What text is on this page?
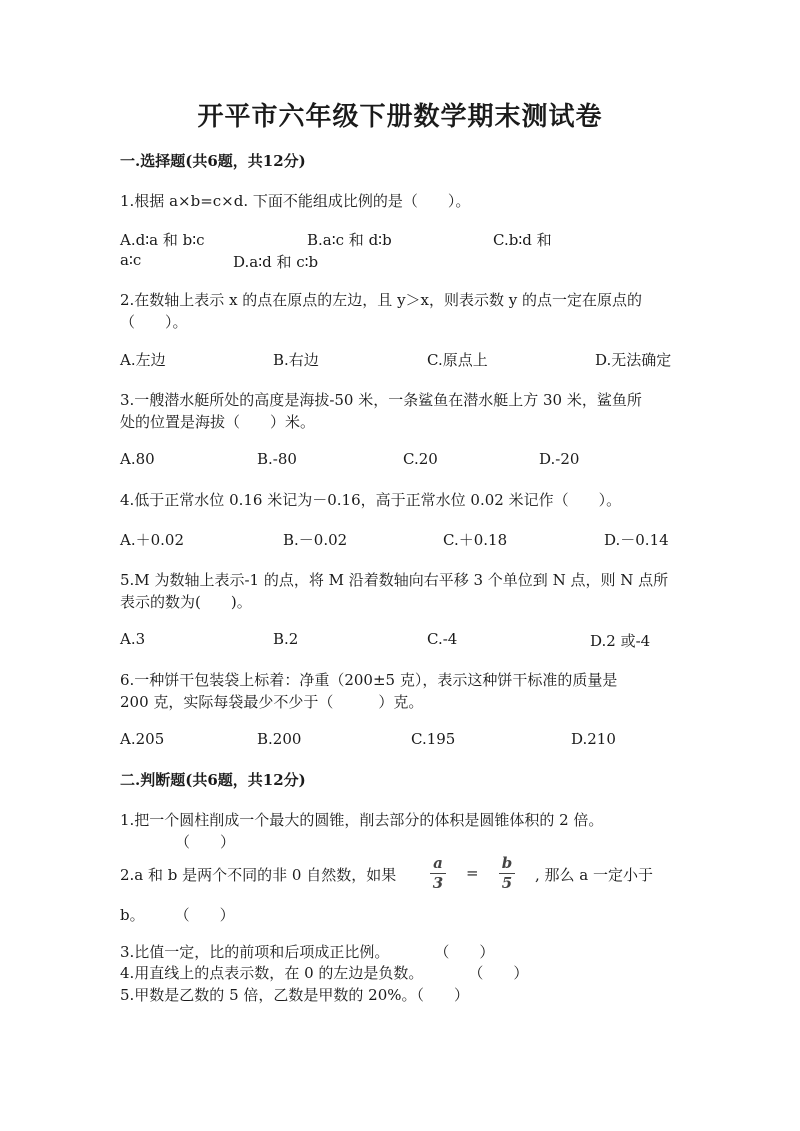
开平市六年级下册数学期末测试卷
一.选择题(共6题，共12分)
1.根据 a×b=c×d. 下面不能组成比例的是（　　）。
A.d∶a 和 b∶c	B.a∶c 和 d∶b	C.b∶d 和
a∶c	D.a∶d 和 c∶b
2.在数轴上表示 x 的点在原点的左边，且 y＞x，则表示数 y 的点一定在原点的
（　　）。
A.左边	B.右边	C.原点上	D.无法确定
3.一艘潜水艇所处的高度是海拔-50 米，一条鲨鱼在潜水艇上方 30 米，鲨鱼所
处的位置是海拔（　　）米。
A.80	B.-80	C.20	D.-20
4.低于正常水位 0.16 米记为－0.16，高于正常水位 0.02 米记作（　　）。
A.＋0.02	B.－0.02	C.＋0.18	D.－0.14
5.M 为数轴上表示-1 的点，将 M 沿着数轴向右平移 3 个单位到 N 点，则 N 点所
表示的数为(　　)。
A.3	B.2	C.-4	D.2 或-4
6.一种饼干包装袋上标着：净重（200±5 克），表示这种饼干标准的质量是
200 克，实际每袋最少不少于（　　　）克。
A.205	B.200	C.195	D.210
二.判断题(共6题，共12分)
1.把一个圆柱削成一个最大的圆锥，削去部分的体积是圆锥体积的 2 倍。
（　　）
2.a 和 b 是两个不同的非 0 自然数，如果
a
3
=
b
5	, 那么 a 一定小于
b。　　　（　　）
3.比值一定，比的前项和后项成正比例。　　　　（　　）
4.用直线上的点表示数，在 0 的左边是负数。　　　　（　　）
5.甲数是乙数的 5 倍，乙数是甲数的 20%。（　　）
